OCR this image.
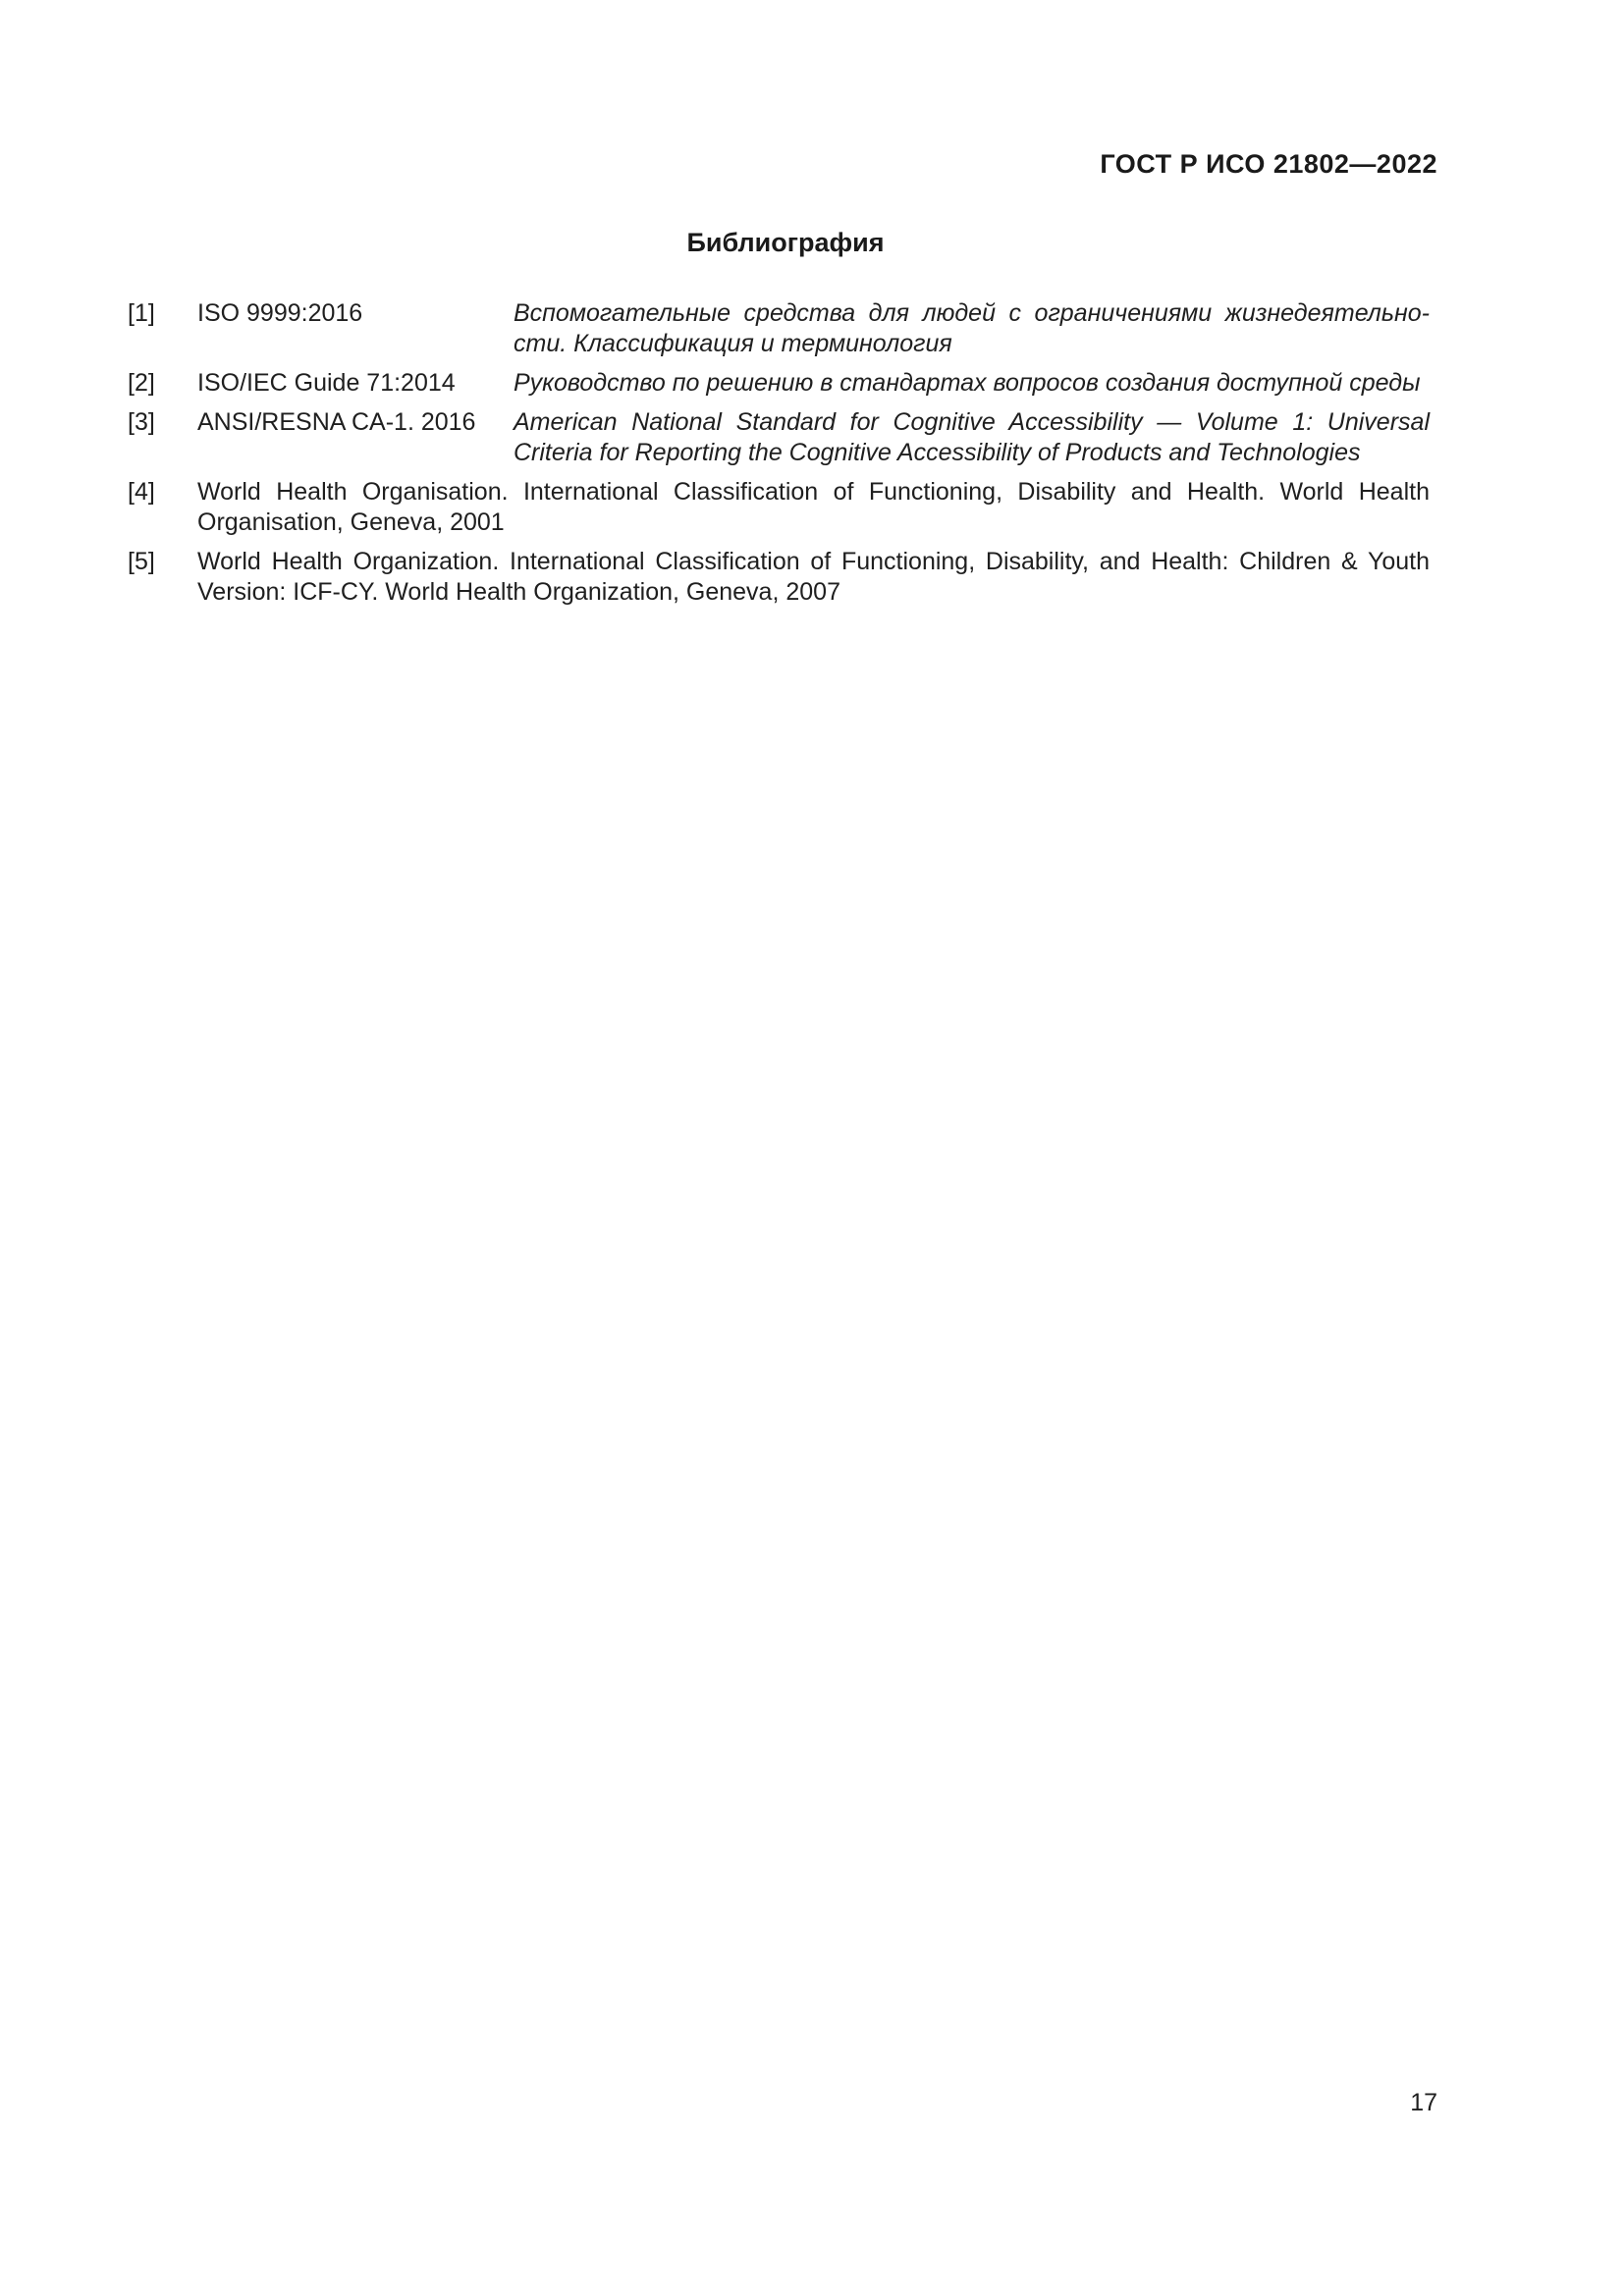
ГОСТ Р ИСО 21802—2022
Библиография
[1] ISO 9999:2016	Вспомогательные средства для людей с ограничениями жизнедеятельности. Классификация и терминология
[2] ISO/IEC Guide 71:2014	Руководство по решению в стандартах вопросов создания доступной среды
[3] ANSI/RESNA CA-1. 2016	American National Standard for Cognitive Accessibility — Volume 1: Universal Criteria for Reporting the Cognitive Accessibility of Products and Technologies
[4] World Health Organisation. International Classification of Functioning, Disability and Health. World Health Organisation, Geneva, 2001
[5] World Health Organization. International Classification of Functioning, Disability, and Health: Children & Youth Version: ICF-CY. World Health Organization, Geneva, 2007
17
